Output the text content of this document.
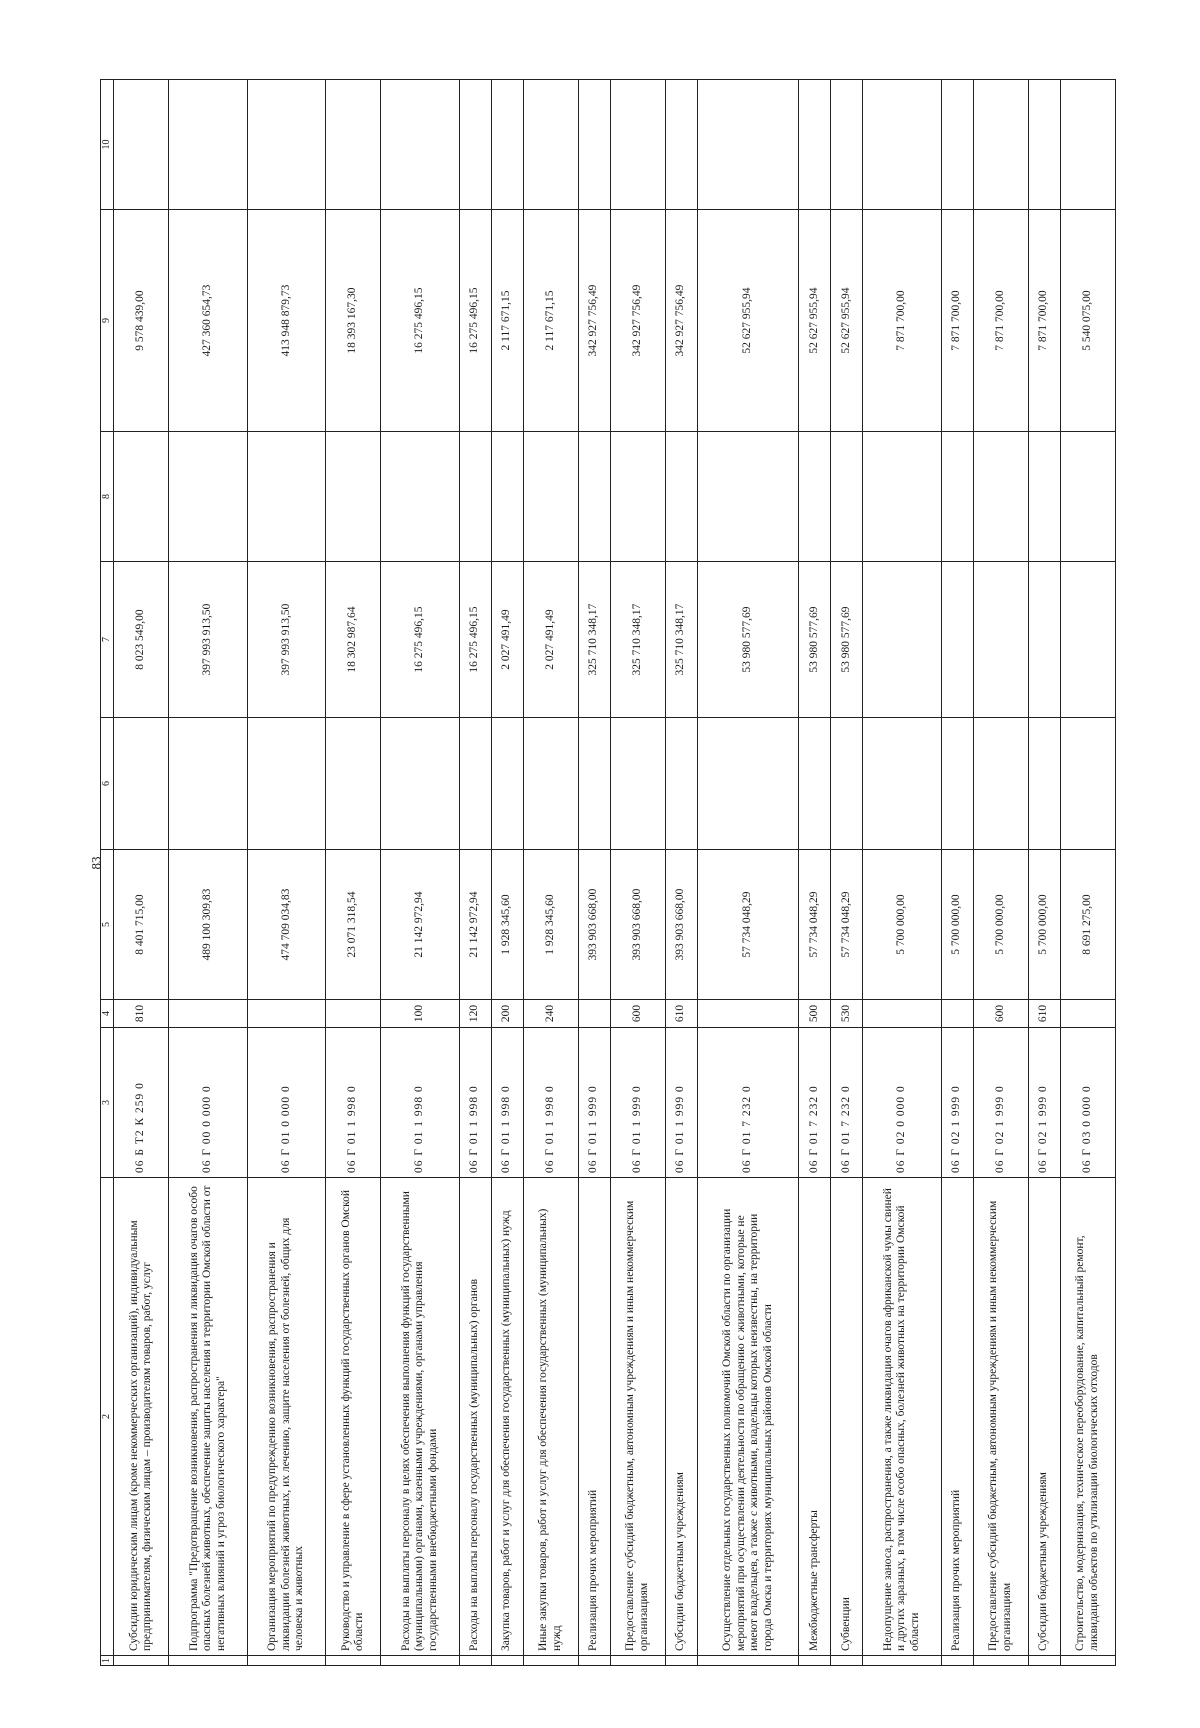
83
1	2	3	4	5	6	7	8	9	10
	Субсидии юридическим лицам (кроме некоммерческих организаций), индивидуальным предпринимателям, физическим лицам – производителям товаров, работ, услуг	06 Б Т2 К 259 0	810	8 401 715,00		8 023 549,00		9 578 439,00	
	Подпрограмма "Предотвращение возникновения, распространения и ликвидация очагов особо опасных болезней животных, обеспечение защиты населения и территории Омской области от негативных влияний и угроз биологического характера"	06 Г 00 0 000 0		489 100 309,83		397 993 913,50		427 360 654,73	
	Организация мероприятий по предупреждению возникновения, распространения и ликвидации болезней животных, их лечению, защите населения от болезней, общих для человека и животных	06 Г 01 0 000 0		474 709 034,83		397 993 913,50		413 948 879,73	
	Руководство и управление в сфере установленных функций государственных органов Омской области	06 Г 01 1 998 0		23 071 318,54		18 302 987,64		18 393 167,30	
	Расходы на выплаты персоналу в целях обеспечения выполнения функций государственными (муниципальными) органами, казенными учреждениями, органами управления государственными внебюджетными фондами	06 Г 01 1 998 0	100	21 142 972,94		16 275 496,15		16 275 496,15	
	Расходы на выплаты персоналу государственных (муниципальных) органов	06 Г 01 1 998 0	120	21 142 972,94		16 275 496,15		16 275 496,15	
	Закупка товаров, работ и услуг для обеспечения государственных (муниципальных) нужд	06 Г 01 1 998 0	200	1 928 345,60		2 027 491,49		2 117 671,15	
	Иные закупки товаров, работ и услуг для обеспечения государственных (муниципальных) нужд	06 Г 01 1 998 0	240	1 928 345,60		2 027 491,49		2 117 671,15	
	Реализация прочих мероприятий	06 Г 01 1 999 0		393 903 668,00		325 710 348,17		342 927 756,49	
	Предоставление субсидий бюджетным, автономным учреждениям и иным некоммерческим организациям	06 Г 01 1 999 0	600	393 903 668,00		325 710 348,17		342 927 756,49	
	Субсидии бюджетным учреждениям	06 Г 01 1 999 0	610	393 903 668,00		325 710 348,17		342 927 756,49	
	Осуществление отдельных государственных полномочий Омской области по организации мероприятий при осуществлении деятельности по обращению с животными, которые не имеют владельцев, а также с животными, владельцы которых неизвестны, на территории города Омска и территориях муниципальных районов Омской области	06 Г 01 7 232 0		57 734 048,29		53 980 577,69		52 627 955,94	
	Межбюджетные трансферты	06 Г 01 7 232 0	500	57 734 048,29		53 980 577,69		52 627 955,94	
	Субвенции	06 Г 01 7 232 0	530	57 734 048,29		53 980 577,69		52 627 955,94	
	Недопущение заноса, распространения, а также ликвидация очагов африканской чумы свиней и других заразных, в том числе особо опасных, болезней животных на территории Омской области	06 Г 02 0 000 0		5 700 000,00				7 871 700,00	
	Реализация прочих мероприятий	06 Г 02 1 999 0		5 700 000,00				7 871 700,00	
	Предоставление субсидий бюджетным, автономным учреждениям и иным некоммерческим организациям	06 Г 02 1 999 0	600	5 700 000,00				7 871 700,00	
	Субсидии бюджетным учреждениям	06 Г 02 1 999 0	610	5 700 000,00				7 871 700,00	
	Строительство, модернизация, техническое переоборудование, капитальный ремонт, ликвидация объектов по утилизации биологических отходов	06 Г 03 0 000 0		8 691 275,00				5 540 075,00	
